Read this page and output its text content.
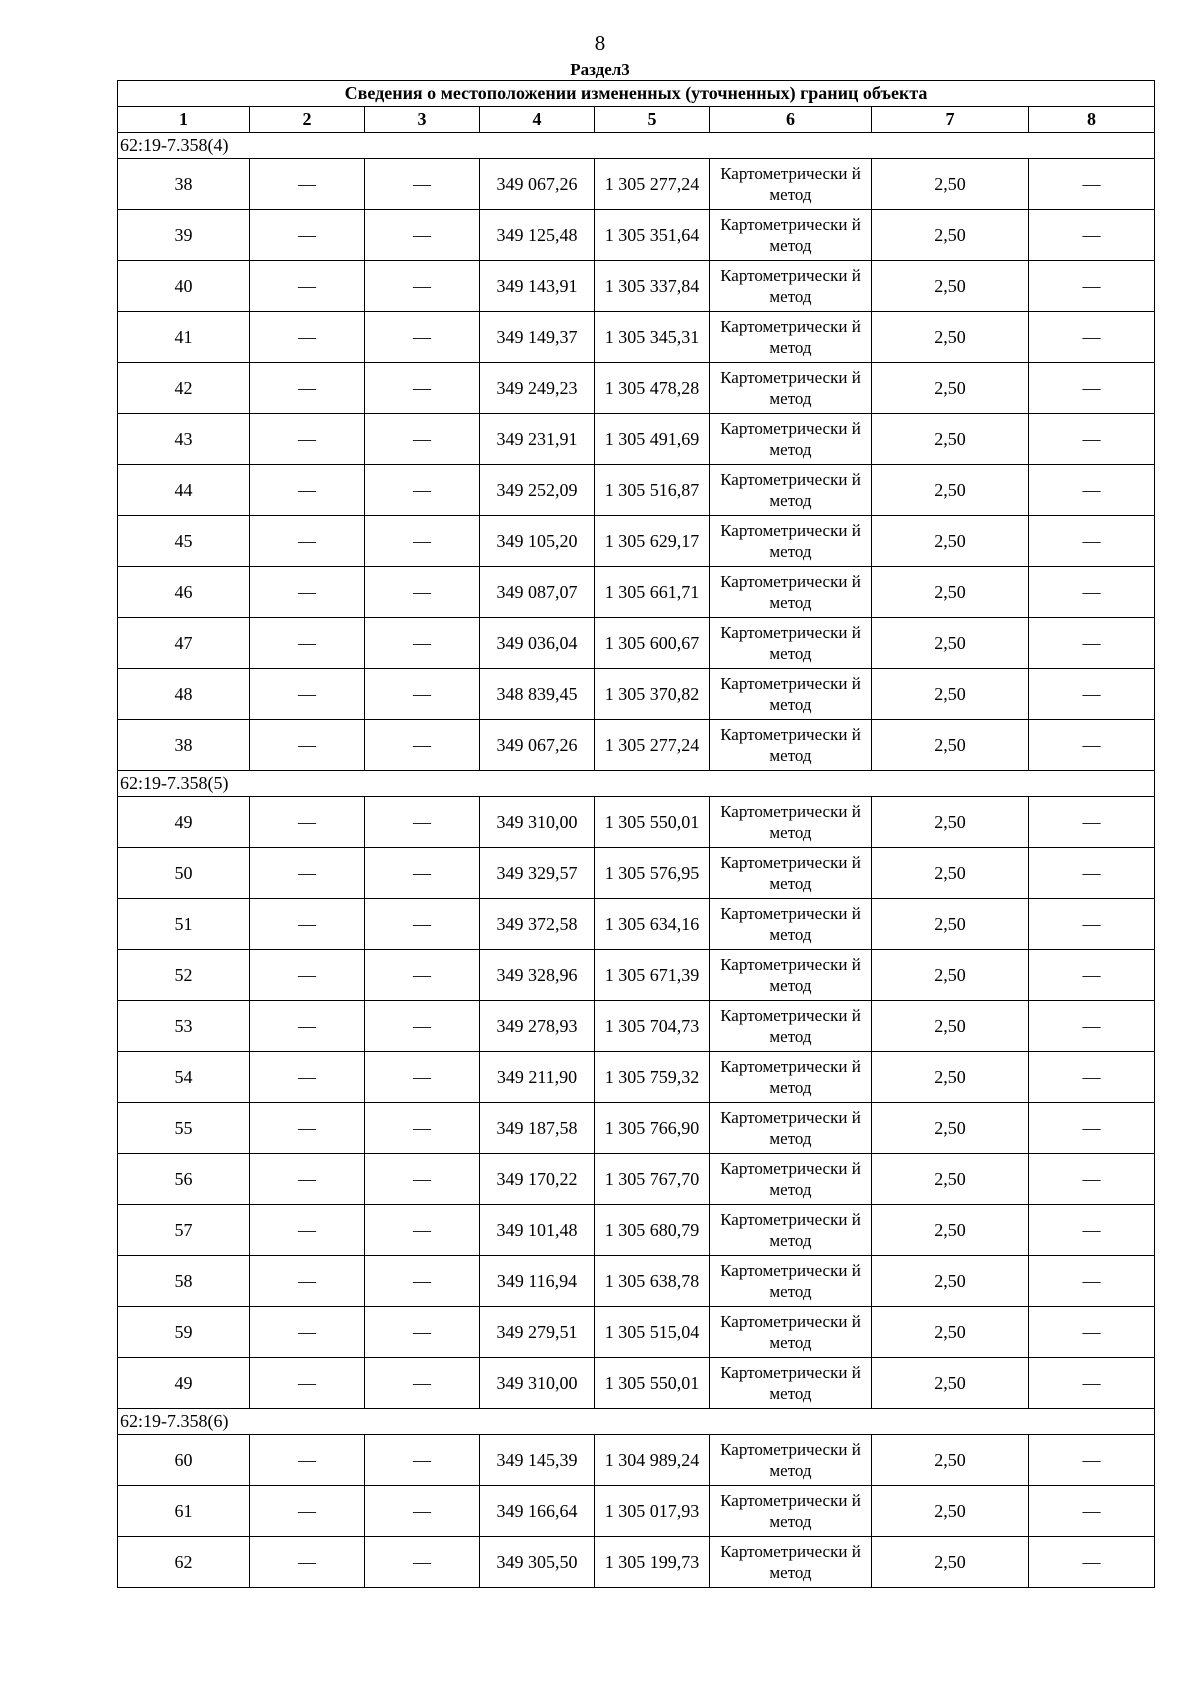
8
Раздел3
Сведения о местоположении измененных (уточненных) границ объекта							
1	2	3	4	5	6	7	8
62:19-7.358(4)							
38	—	—	349 067,26	1 305 277,24	Картометрически й метод	2,50	—
39	—	—	349 125,48	1 305 351,64	Картометрически й метод	2,50	—
40	—	—	349 143,91	1 305 337,84	Картометрически й метод	2,50	—
41	—	—	349 149,37	1 305 345,31	Картометрически й метод	2,50	—
42	—	—	349 249,23	1 305 478,28	Картометрически й метод	2,50	—
43	—	—	349 231,91	1 305 491,69	Картометрически й метод	2,50	—
44	—	—	349 252,09	1 305 516,87	Картометрически й метод	2,50	—
45	—	—	349 105,20	1 305 629,17	Картометрически й метод	2,50	—
46	—	—	349 087,07	1 305 661,71	Картометрически й метод	2,50	—
47	—	—	349 036,04	1 305 600,67	Картометрически й метод	2,50	—
48	—	—	348 839,45	1 305 370,82	Картометрически й метод	2,50	—
38	—	—	349 067,26	1 305 277,24	Картометрически й метод	2,50	—
62:19-7.358(5)							
49	—	—	349 310,00	1 305 550,01	Картометрически й метод	2,50	—
50	—	—	349 329,57	1 305 576,95	Картометрически й метод	2,50	—
51	—	—	349 372,58	1 305 634,16	Картометрически й метод	2,50	—
52	—	—	349 328,96	1 305 671,39	Картометрически й метод	2,50	—
53	—	—	349 278,93	1 305 704,73	Картометрически й метод	2,50	—
54	—	—	349 211,90	1 305 759,32	Картометрически й метод	2,50	—
55	—	—	349 187,58	1 305 766,90	Картометрически й метод	2,50	—
56	—	—	349 170,22	1 305 767,70	Картометрически й метод	2,50	—
57	—	—	349 101,48	1 305 680,79	Картометрически й метод	2,50	—
58	—	—	349 116,94	1 305 638,78	Картометрически й метод	2,50	—
59	—	—	349 279,51	1 305 515,04	Картометрически й метод	2,50	—
49	—	—	349 310,00	1 305 550,01	Картометрически й метод	2,50	—
62:19-7.358(6)							
60	—	—	349 145,39	1 304 989,24	Картометрически й метод	2,50	—
61	—	—	349 166,64	1 305 017,93	Картометрически й метод	2,50	—
62	—	—	349 305,50	1 305 199,73	Картометрически й метод	2,50	—
